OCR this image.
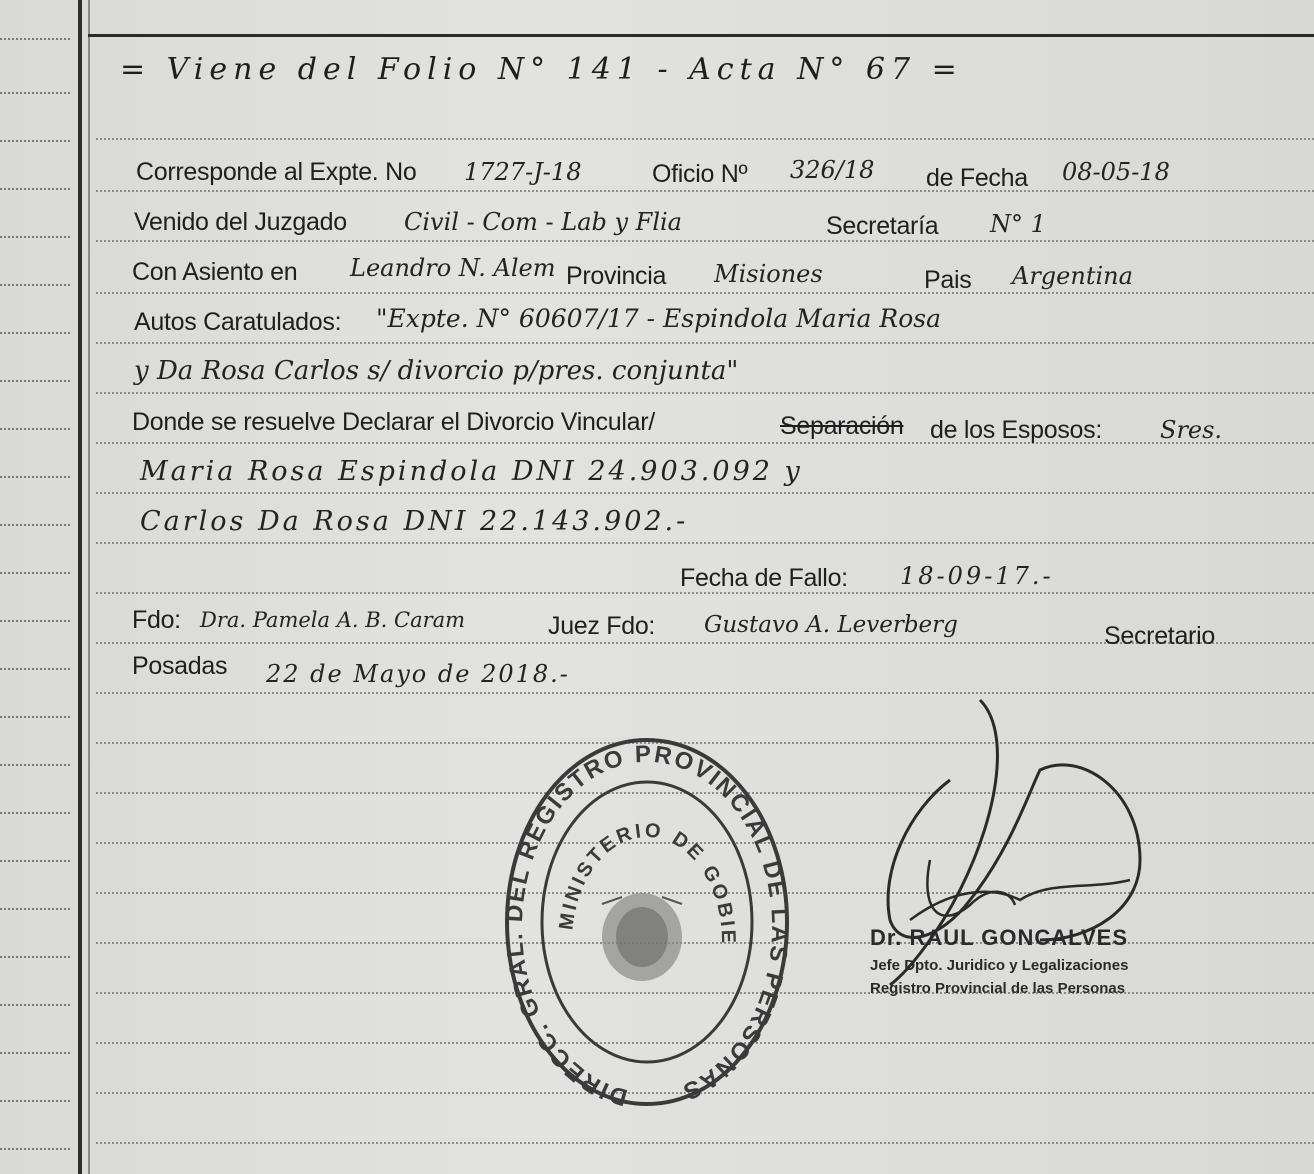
= Viene del Folio N° 141 - Acta N° 67 =
Corresponde al Expte. No 1727-J-18	Oficio Nº 326/18 de Fecha 08-05-18
Venido del Juzgado Civil - Com - Lab y Flia	Secretaría N° 1
Con Asiento en Leandro N. Alem Provincia Misiones	Pais Argentina
Autos Caratulados: "Expte. N° 60607/17 - Espindola Maria Rosa
y Da Rosa Carlos s/ divorcio p/pres. conjunta"
Donde se resuelve Declarar el Divorcio Vincular/	Separación de los Esposos: Sres.
Maria Rosa Espindola DNI 24.903.092 y
Carlos Da Rosa DNI 22.143.902.-
Fecha de Fallo: 18-09-17.-
Fdo: Dra. Pamela A. B. Caram	Juez Fdo: Gustavo A. Leverberg	Secretario
Posadas 22 de Mayo de 2018.-
DIRECC. GRAL. DEL REGISTRO PROVINCIAL DE LAS PERSONAS
MINISTERIO DE GOBIE	Dr. RAUL GONCALVES
Jefe Dpto. Juridico y Legalizaciones
Registro Provincial de las Personas
